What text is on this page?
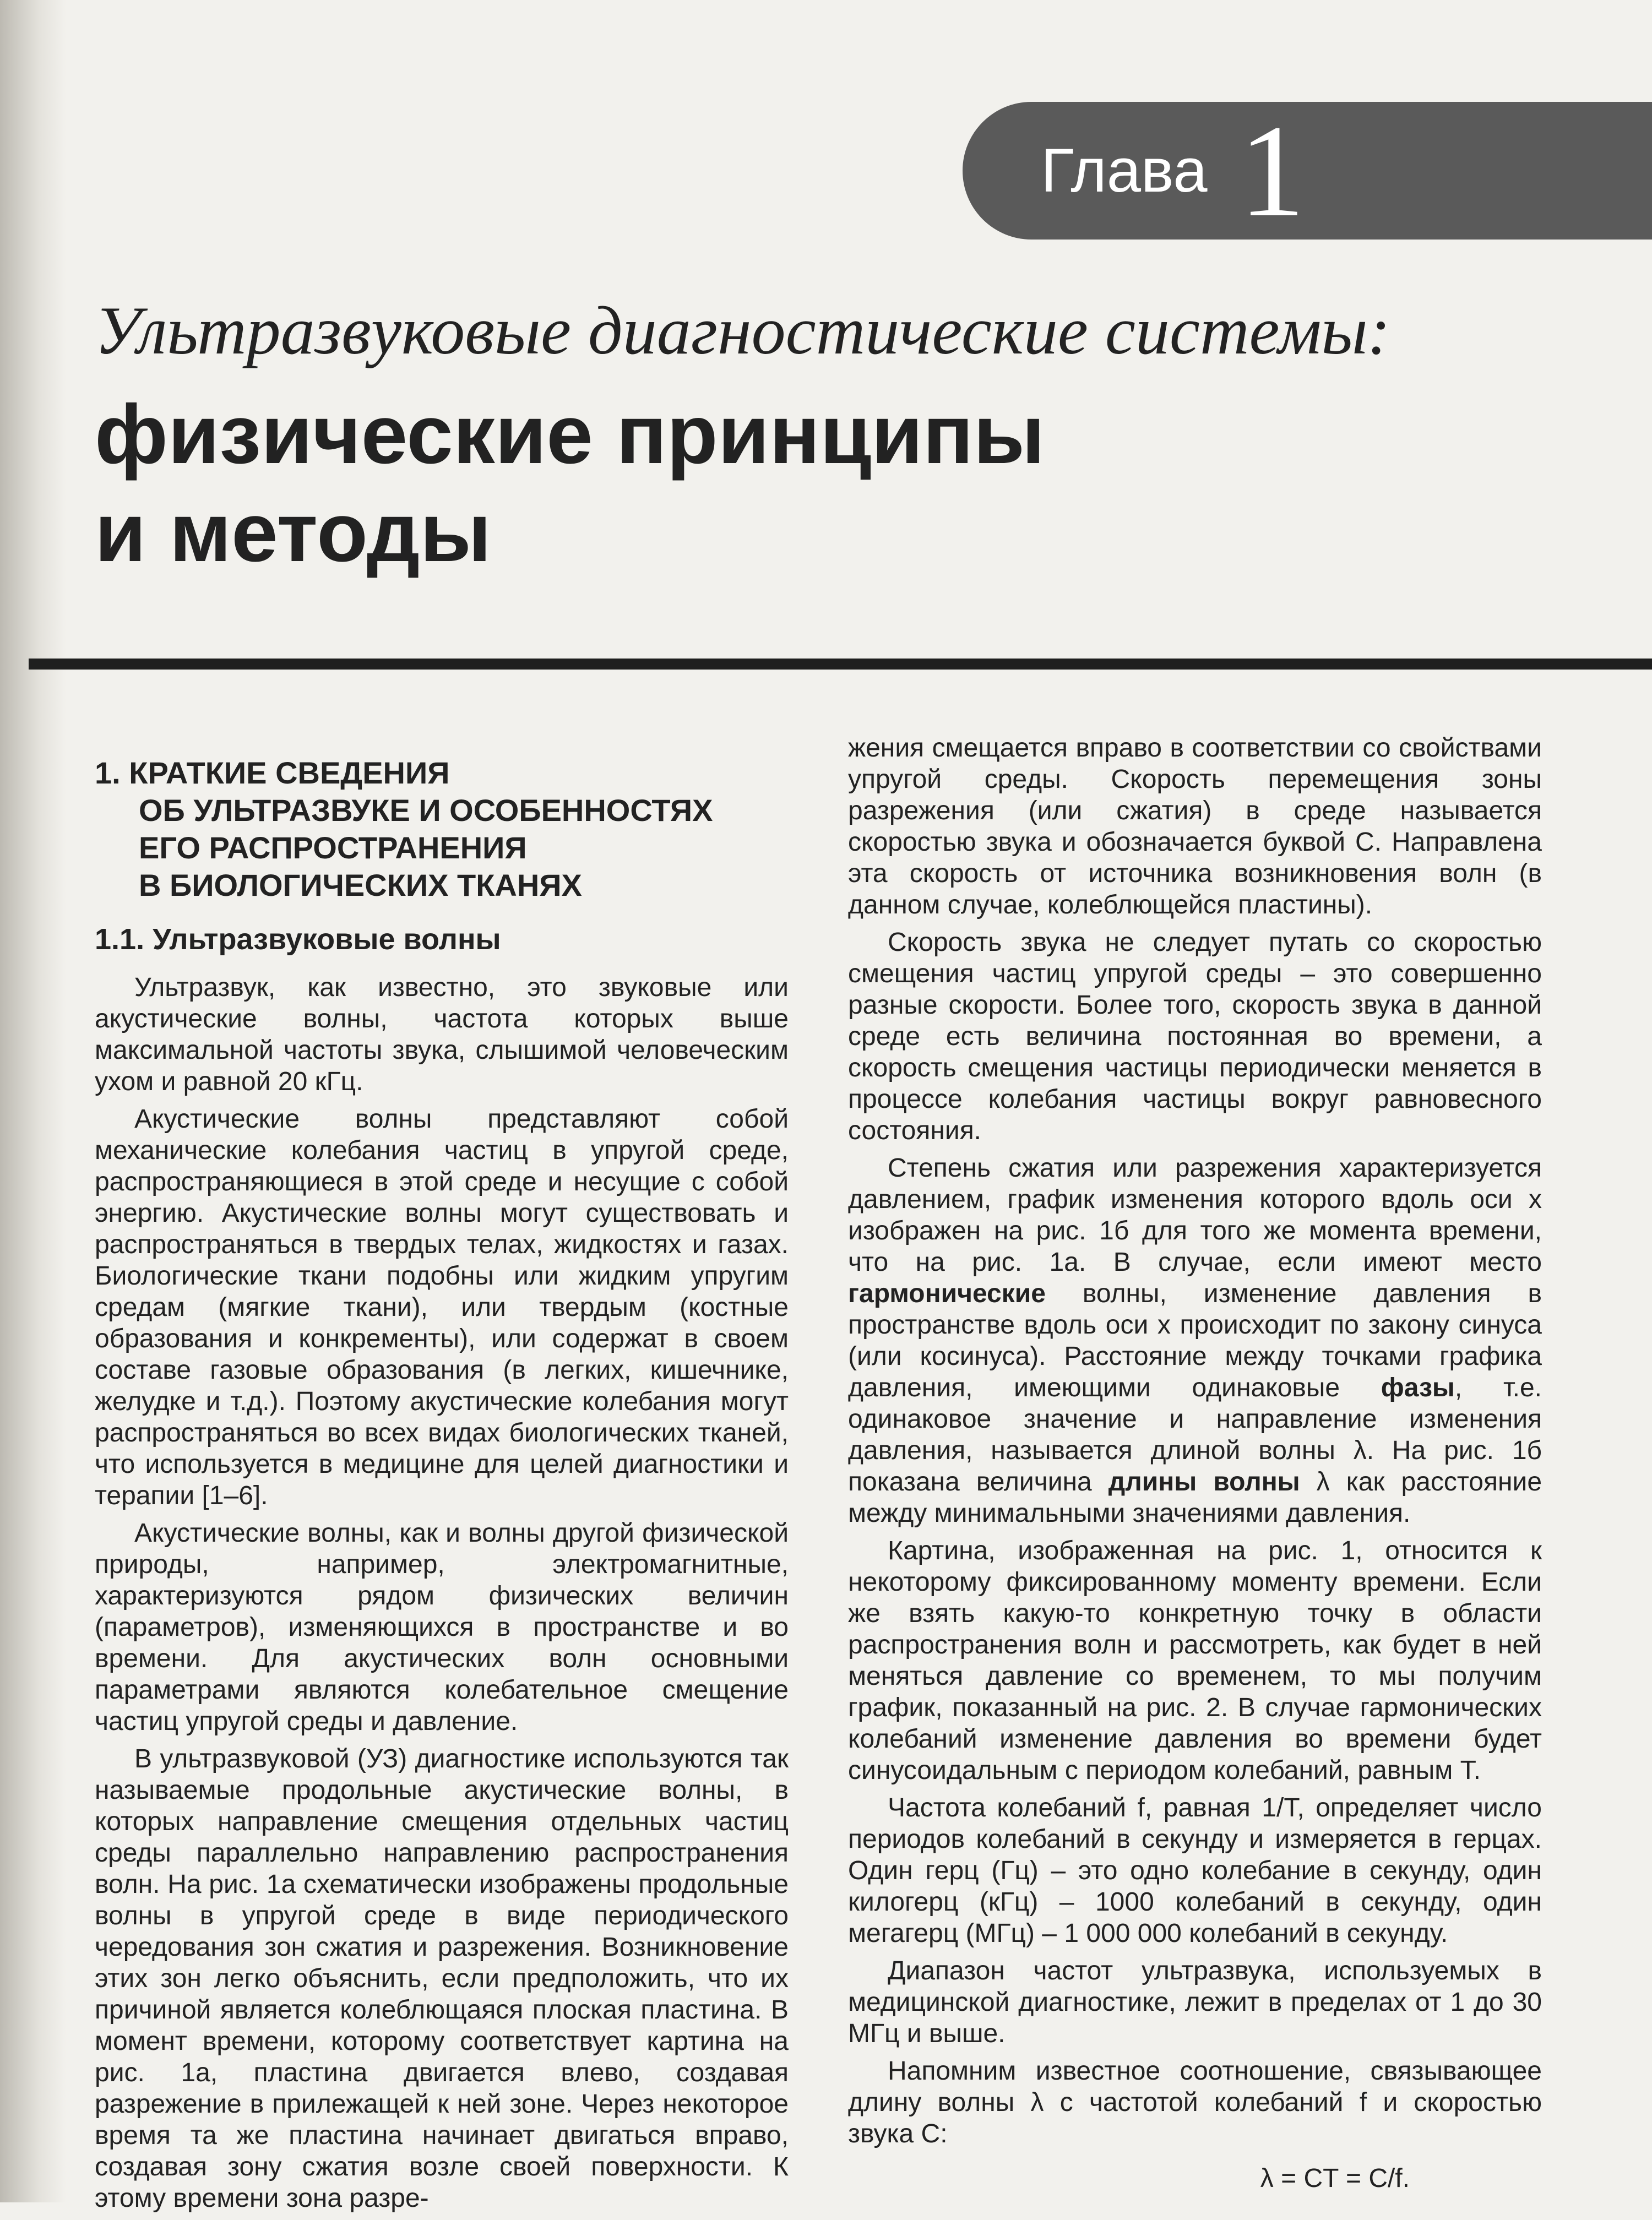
Глава 1
Ультразвуковые диагностические системы:
физические принципы
и методы
1. КРАТКИЕ СВЕДЕНИЯ
ОБ УЛЬТРАЗВУКЕ И ОСОБЕННОСТЯХ
ЕГО РАСПРОСТРАНЕНИЯ
В БИОЛОГИЧЕСКИХ ТКАНЯХ
1.1. Ультразвуковые волны

Ультразвук, как известно, это звуковые или акустические волны, частота которых выше максимальной частоты звука, слышимой человеческим ухом и равной 20 кГц.

Акустические волны представляют собой механические колебания частиц в упругой среде, распространяющиеся в этой среде и несущие с собой энергию. Акустические волны могут существовать и распространяться в твердых телах, жидкостях и газах. Биологические ткани подобны или жидким упругим средам (мягкие ткани), или твердым (костные образования и конкременты), или содержат в своем составе газовые образования (в легких, кишечнике, желудке и т.д.). Поэтому акустические колебания могут распространяться во всех видах биологических тканей, что используется в медицине для целей диагностики и терапии [1–6].

Акустические волны, как и волны другой физической природы, например, электромагнитные, характеризуются рядом физических величин (параметров), изменяющихся в пространстве и во времени. Для акустических волн основными параметрами являются колебательное смещение частиц упругой среды и давление.

В ультразвуковой (УЗ) диагностике используются так называемые продольные акустические волны, в которых направление смещения отдельных частиц среды параллельно направлению распространения волн. На рис. 1а схематически изображены продольные волны в упругой среде в виде периодического чередования зон сжатия и разрежения. Возникновение этих зон легко объяснить, если предположить, что их причиной является колеблющаяся плоская пластина. В момент времени, которому соответствует картина на рис. 1а, пластина двигается влево, создавая разрежение в прилежащей к ней зоне. Через некоторое время та же пластина начинает двигаться вправо, создавая зону сжатия возле своей поверхности. К этому времени зона разре-

жения смещается вправо в соответствии со свойствами упругой среды. Скорость перемещения зоны разрежения (или сжатия) в среде называется скоростью звука и обозначается буквой С. Направлена эта скорость от источника возникновения волн (в данном случае, колеблющейся пластины).

Скорость звука не следует путать со скоростью смещения частиц упругой среды – это совершенно разные скорости. Более того, скорость звука в данной среде есть величина постоянная во времени, а скорость смещения частицы периодически меняется в процессе колебания частицы вокруг равновесного состояния.

Степень сжатия или разрежения характеризуется давлением, график изменения которого вдоль оси x изображен на рис. 1б для того же момента времени, что на рис. 1а. В случае, если имеют место гармонические волны, изменение давления в пространстве вдоль оси x происходит по закону синуса (или косинуса). Расстояние между точками графика давления, имеющими одинаковые фазы, т.е. одинаковое значение и направление изменения давления, называется длиной волны λ. На рис. 1б показана величина длины волны λ как расстояние между минимальными значениями давления.

Картина, изображенная на рис. 1, относится к некоторому фиксированному моменту времени. Если же взять какую-то конкретную точку в области распространения волн и рассмотреть, как будет в ней меняться давление со временем, то мы получим график, показанный на рис. 2. В случае гармонических колебаний изменение давления во времени будет синусоидальным с периодом колебаний, равным T.

Частота колебаний f, равная 1/T, определяет число периодов колебаний в секунду и измеряется в герцах. Один герц (Гц) – это одно колебание в секунду, один килогерц (кГц) – 1000 колебаний в секунду, один мегагерц (МГц) – 1 000 000 колебаний в секунду.

Диапазон частот ультразвука, используемых в медицинской диагностике, лежит в пределах от 1 до 30 МГц и выше.

Напомним известное соотношение, связывающее длину волны λ с частотой колебаний f и скоростью звука С:

λ = CT = C/f.
